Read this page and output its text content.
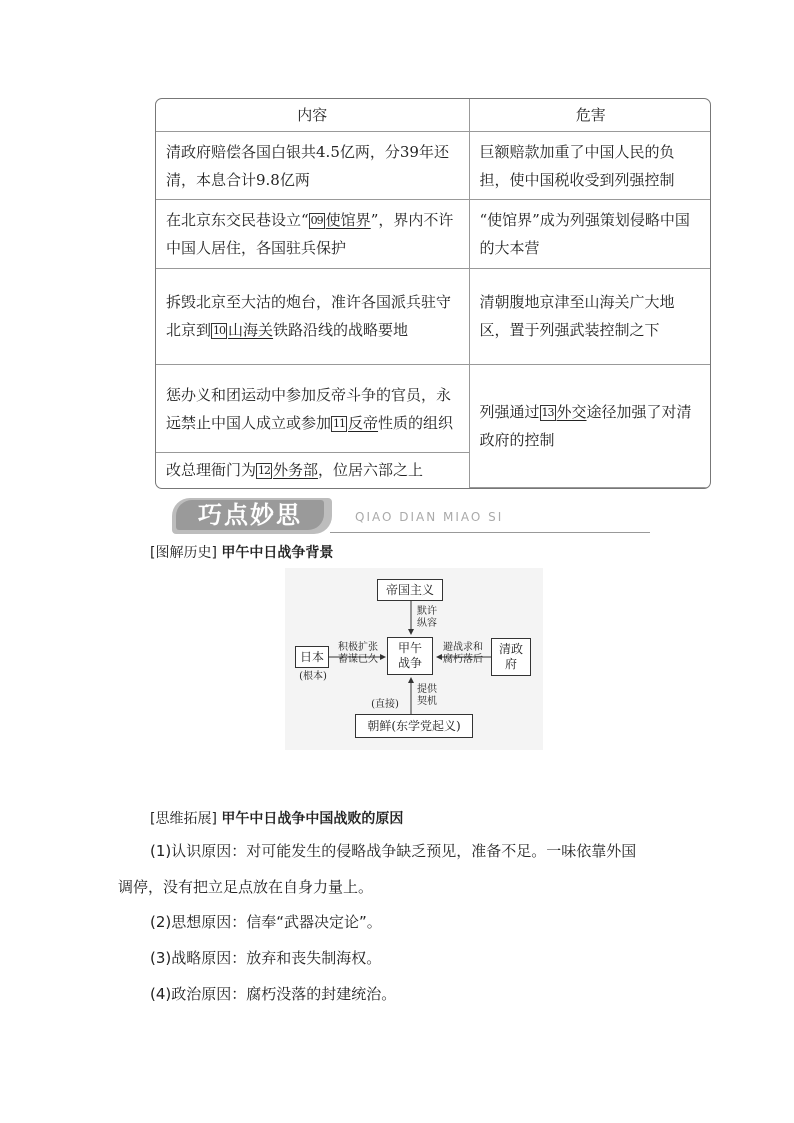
内容	危害
清政府赔偿各国白银共4.5亿两，分39年还清，本息合计9.8亿两	巨额赔款加重了中国人民的负担，使中国税收受到列强控制
在北京东交民巷设立“ 09 使馆界”，界内不许中国人居住，各国驻兵保护	“使馆界”成为列强策划侵略中国的大本营
拆毁北京至大沽的炮台，准许各国派兵驻守北京到 10 山海关铁路沿线的战略要地	清朝腹地京津至山海关广大地区，置于列强武装控制之下
惩办义和团运动中参加反帝斗争的官员，永远禁止中国人成立或参加 11 反帝性质的组织	列强通过 13 外交途径加强了对清政府的控制
改总理衙门为 12 外务部，位居六部之上	
巧点妙思	QIAO DIAN MIAO SI
[图解历史] 甲午中日战争背景
帝国主义
甲午战争
日本
(根本)
清政府
朝鲜(东学党起义)
(直接)
默许纵容
积极扩张蓄谋已久
避战求和腐朽落后
提供契机
[思维拓展] 甲午中日战争中国战败的原因
(1)认识原因：对可能发生的侵略战争缺乏预见，准备不足。一味依靠外国
调停，没有把立足点放在自身力量上。
(2)思想原因：信奉“武器决定论”。
(3)战略原因：放弃和丧失制海权。
(4)政治原因：腐朽没落的封建统治。
